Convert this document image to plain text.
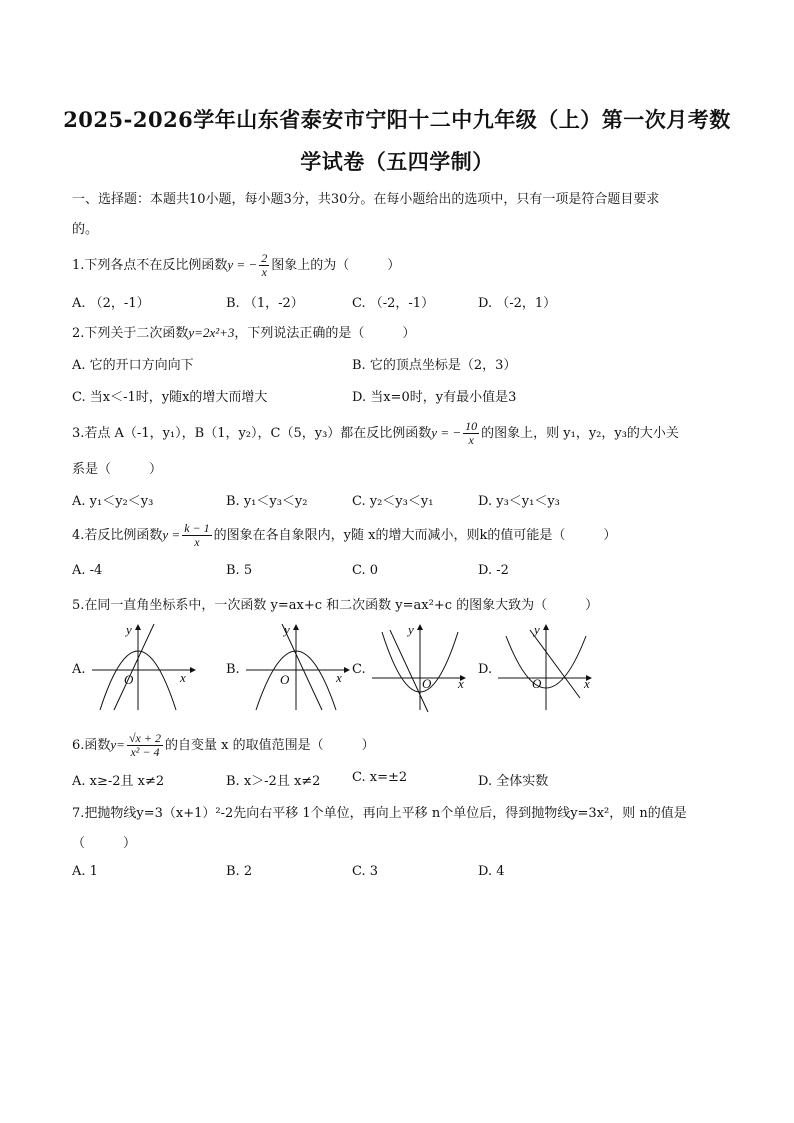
2025-2026学年山东省泰安市宁阳十二中九年级（上）第一次月考数
学试卷（五四学制）
一、选择题：本题共10小题，每小题3分，共30分。在每小题给出的选项中，只有一项是符合题目要求
的。
1.下列各点不在反比例函数y = − $\frac{2}{x}$ 图象上的为（	）
A. （2，-1）	B. （1，-2）	C. （-2，-1）	D. （-2，1）
2.下列关于二次函数y=2x²+3，下列说法正确的是（	）
A. 它的开口方向向下	B. 它的顶点坐标是（2，3）
C. 当x＜-1时，y随x的增大而增大	D. 当x=0时，y有最小值是3
3.若点 A（-1，y₁），B（1，y₂），C（5，y₃）都在反比例函数y = − $\frac{10}{x}$ 的图象上，则 y₁，y₂，y₃的大小关
系是（	）
A. y₁＜y₂＜y₃	B. y₁＜y₃＜y₂	C. y₂＜y₃＜y₁	D. y₃＜y₁＜y₃
4.若反比例函数$y = \frac{k - 1}{x}$ 的图象在各自象限内，y随 x的增大而减小，则k的值可能是（	）
A. -4	B. 5	C. 0	D. -2
5.在同一直角坐标系中，一次函数 y=ax+c 和二次函数 y=ax²+c 的图象大致为（	）
A.	B.	C.	D.
y
x
O
y
x
O
y
x
O
y
x
O
6.函数$y= \frac{√x + 2}{\text{x² − 4}}$ 的自变量 x 的取值范围是（	）
A. x≥-2且 x≠2	B. x＞-2且 x≠2 C. x=±2	D. 全体实数
7.把抛物线y=3（x+1）²-2先向右平移 1个单位，再向上平移 n个单位后，得到抛物线y=3x²，则 n的值是
（	）
A. 1	B. 2	C. 3	D. 4
